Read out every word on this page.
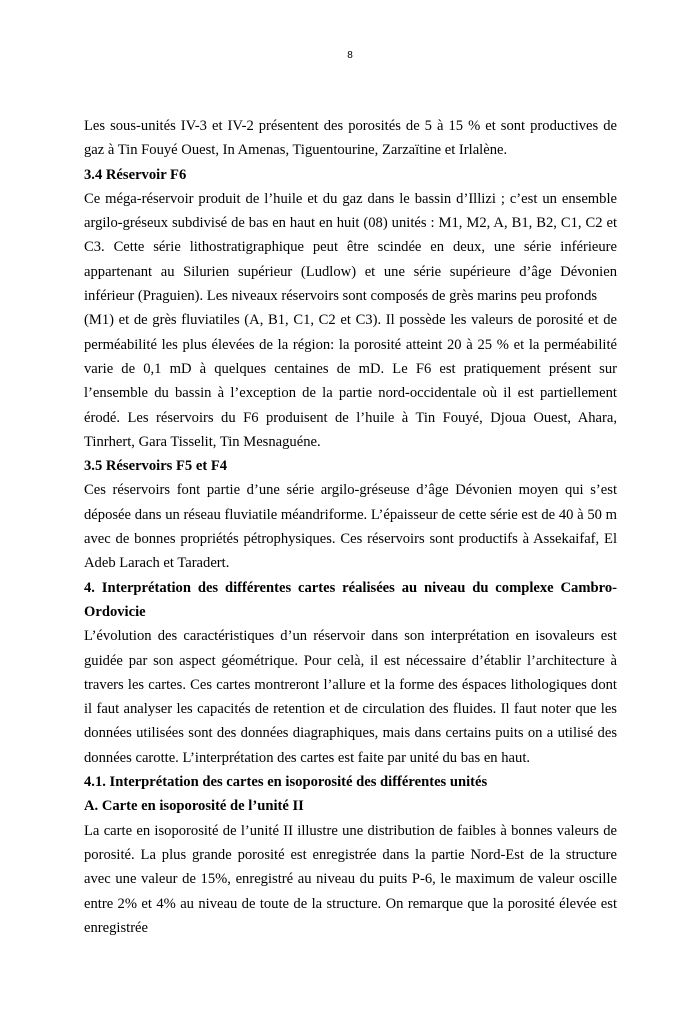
8

Les sous-unités IV-3 et IV-2 présentent des porosités de 5 à 15 % et sont productives de gaz à Tin Fouyé Ouest, In Amenas, Tiguentourine, Zarzaïtine et Irlalène.

3.4 Réservoir F6

Ce méga-réservoir produit de l’huile et du gaz dans le bassin d’Illizi ; c’est un ensemble argilo-gréseux subdivisé de bas en haut en huit (08) unités : M1, M2, A, B1, B2, C1, C2 et C3. Cette série lithostratigraphique peut être scindée en deux, une série inférieure appartenant au Silurien supérieur (Ludlow) et une série supérieure d’âge Dévonien inférieur (Praguien). Les niveaux réservoirs sont composés de grès marins peu profonds

(M1) et de grès fluviatiles (A, B1, C1, C2 et C3). Il possède les valeurs de porosité et de perméabilité les plus élevées de la région: la porosité atteint 20 à 25 % et la perméabilité varie de 0,1 mD à quelques centaines de mD. Le F6 est pratiquement présent sur l’ensemble du bassin à l’exception de la partie nord-occidentale où il est partiellement érodé. Les réservoirs du F6 produisent de l’huile à Tin Fouyé, Djoua Ouest, Ahara, Tinrhert, Gara Tisselit, Tin Mesnaguéne.

3.5 Réservoirs F5 et F4

Ces réservoirs font partie d’une série argilo-gréseuse d’âge Dévonien moyen qui s’est déposée dans un réseau fluviatile méandriforme. L’épaisseur de cette série est de 40 à 50 m avec de bonnes propriétés pétrophysiques. Ces réservoirs sont productifs à Assekaifaf, El Adeb Larach et Taradert.

4. Interprétation des différentes cartes réalisées au niveau du complexe Cambro-Ordovicie

L’évolution des caractéristiques d’un réservoir dans son interprétation en isovaleurs est guidée par son aspect géométrique. Pour celà, il est nécessaire d’établir l’architecture à travers les cartes. Ces cartes montreront l’allure et la forme des éspaces lithologiques dont il faut analyser les capacités de retention et de circulation des fluides. Il faut noter que les données utilisées sont des données diagraphiques, mais dans certains puits on a utilisé des données carotte. L’interprétation des cartes est faite par unité du bas en haut.

4.1. Interprétation des cartes en isoporosité des différentes unités
A. Carte en isoporosité de l’unité II

La carte en isoporosité de l’unité II illustre une distribution de faibles à bonnes valeurs de porosité. La plus grande porosité est enregistrée dans la partie Nord-Est de la structure avec une valeur de 15%, enregistré au niveau du puits P-6, le maximum de valeur oscille entre 2% et 4% au niveau de toute de la structure. On remarque que la porosité élevée est enregistrée
